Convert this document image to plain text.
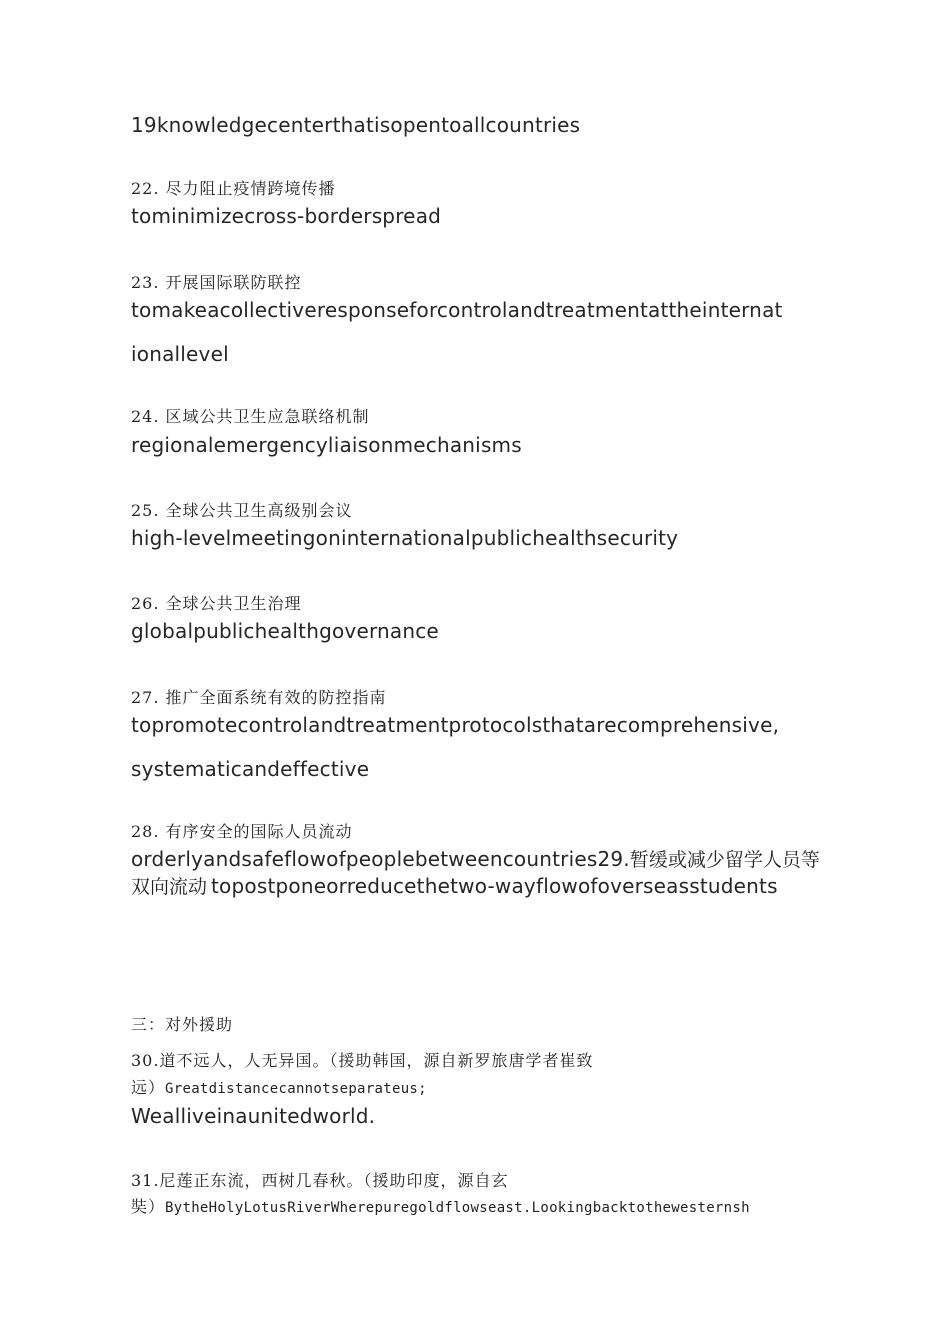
19knowledgecenterthatisopentoallcountries
22. 尽力阻止疫情跨境传播
tominimizecross-borderspread
23. 开展国际联防联控
tomakeacollectiveresponseforcontrolandtreatmentattheinternat
ionallevel
24. 区域公共卫生应急联络机制
regionalemergencyliaisonmechanisms
25. 全球公共卫生高级别会议
high-levelmeetingoninternationalpublichealthsecurity
26. 全球公共卫生治理
globalpublichealthgovernance
27. 推广全面系统有效的防控指南
topromotecontrolandtreatmentprotocolsthatarecomprehensive,
systematicandeffective
28. 有序安全的国际人员流动
orderlyandsafeflowofpeoplebetweencountries29.暂缓或减少留学人员等双向流动 topostponeorreducethetwo-wayflowofoverseasstudents
三：对外援助
30.道不远人，人无异国。（援助韩国，源自新罗旅唐学者崔致
远）Greatdistancecannotseparateus;
Wealliveinaunitedworld.
31.尼莲正东流，西树几春秋。（援助印度，源自玄
奘）BytheHolyLotusRiverWherepuregoldflowseast.Lookingbacktothewesternsh
